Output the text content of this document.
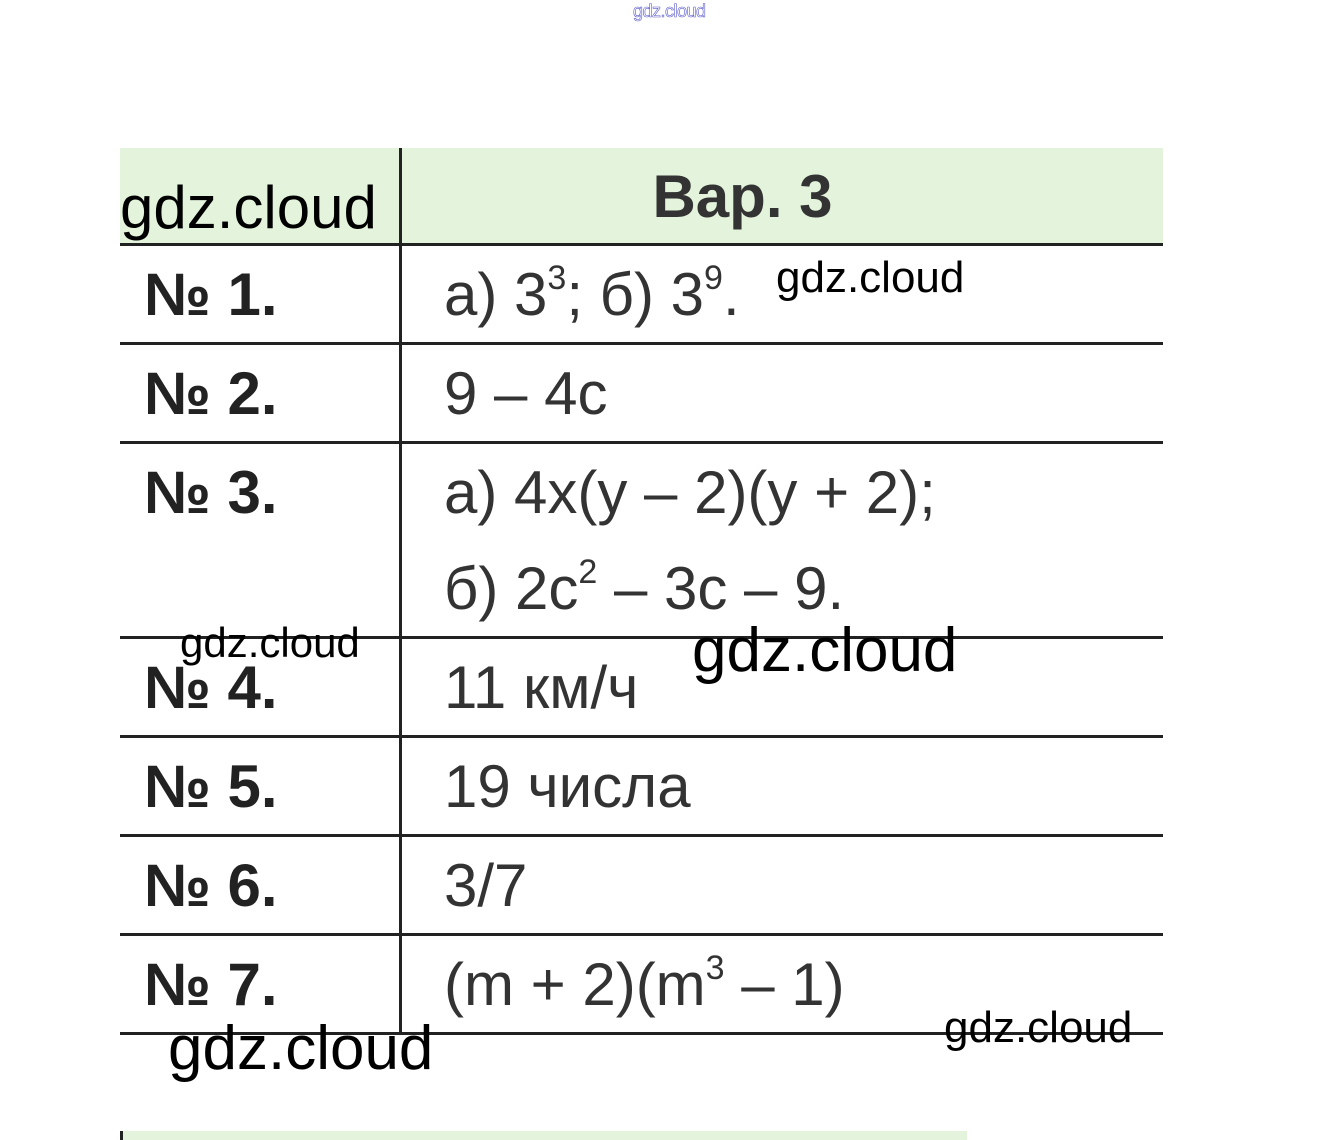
gdz.cloud
Вар. 3
№ 1.	а) $3^3$; б) $3^9$.
№ 2.	9 – 4c
№ 3.	а) 4x(y – 2)(y + 2);
б) $2c^2 - 3c - 9$.
№ 4.	11 км/ч
№ 5.	19 числа
№ 6.	3/7
№ 7.	$(m + 2)(m^3 - 1)$
gdz.cloud
gdz.cloud
gdz.cloud	gdz.cloud
gdz.cloud
gdz.cloud
